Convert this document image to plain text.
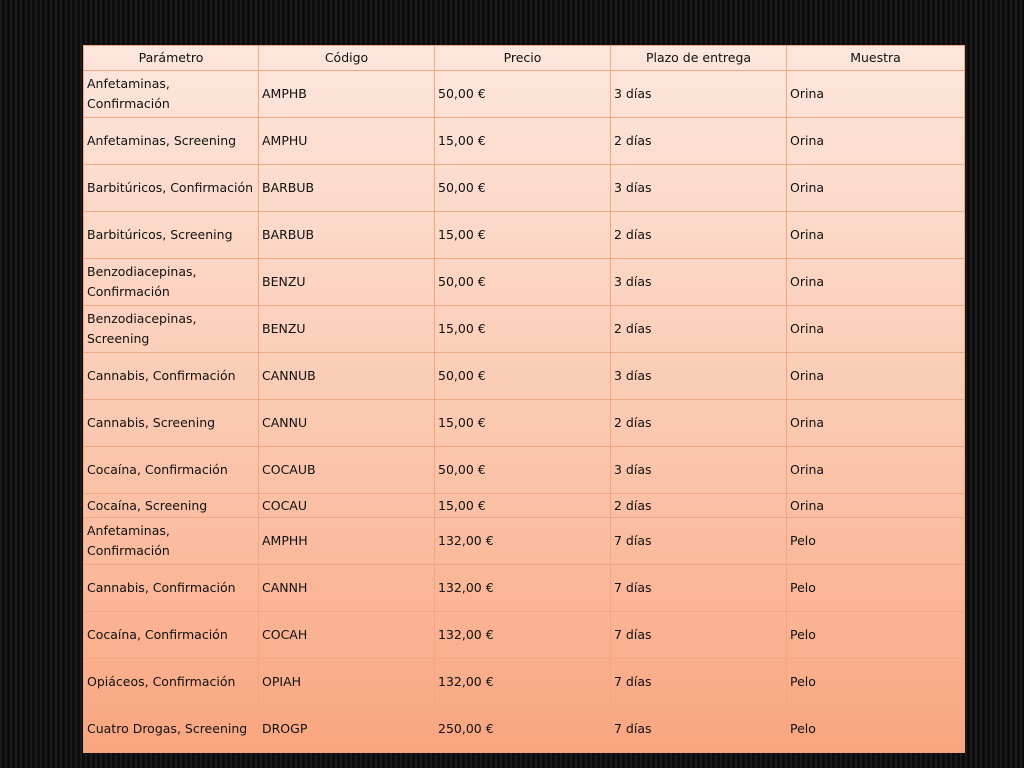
Parámetro	Código	Precio	Plazo de entrega	Muestra
Anfetaminas, Confirmación	AMPHB	50,00 €	3 días	Orina
Anfetaminas, Screening	AMPHU	15,00 €	2 días	Orina
Barbitúricos, Confirmación	BARBUB	50,00 €	3 días	Orina
Barbitúricos, Screening	BARBUB	15,00 €	2 días	Orina
Benzodiacepinas, Confirmación	BENZU	50,00 €	3 días	Orina
Benzodiacepinas, Screening	BENZU	15,00 €	2 días	Orina
Cannabis, Confirmación	CANNUB	50,00 €	3 días	Orina
Cannabis, Screening	CANNU	15,00 €	2 días	Orina
Cocaína, Confirmación	COCAUB	50,00 €	3 días	Orina
Cocaína, Screening	COCAU	15,00 €	2 días	Orina
Anfetaminas, Confirmación	AMPHH	132,00 €	7 días	Pelo
Cannabis, Confirmación	CANNH	132,00 €	7 días	Pelo
Cocaína, Confirmación	COCAH	132,00 €	7 días	Pelo
Opiáceos, Confirmación	OPIAH	132,00 €	7 días	Pelo
Cuatro Drogas, Screening	DROGP	250,00 €	7 días	Pelo
